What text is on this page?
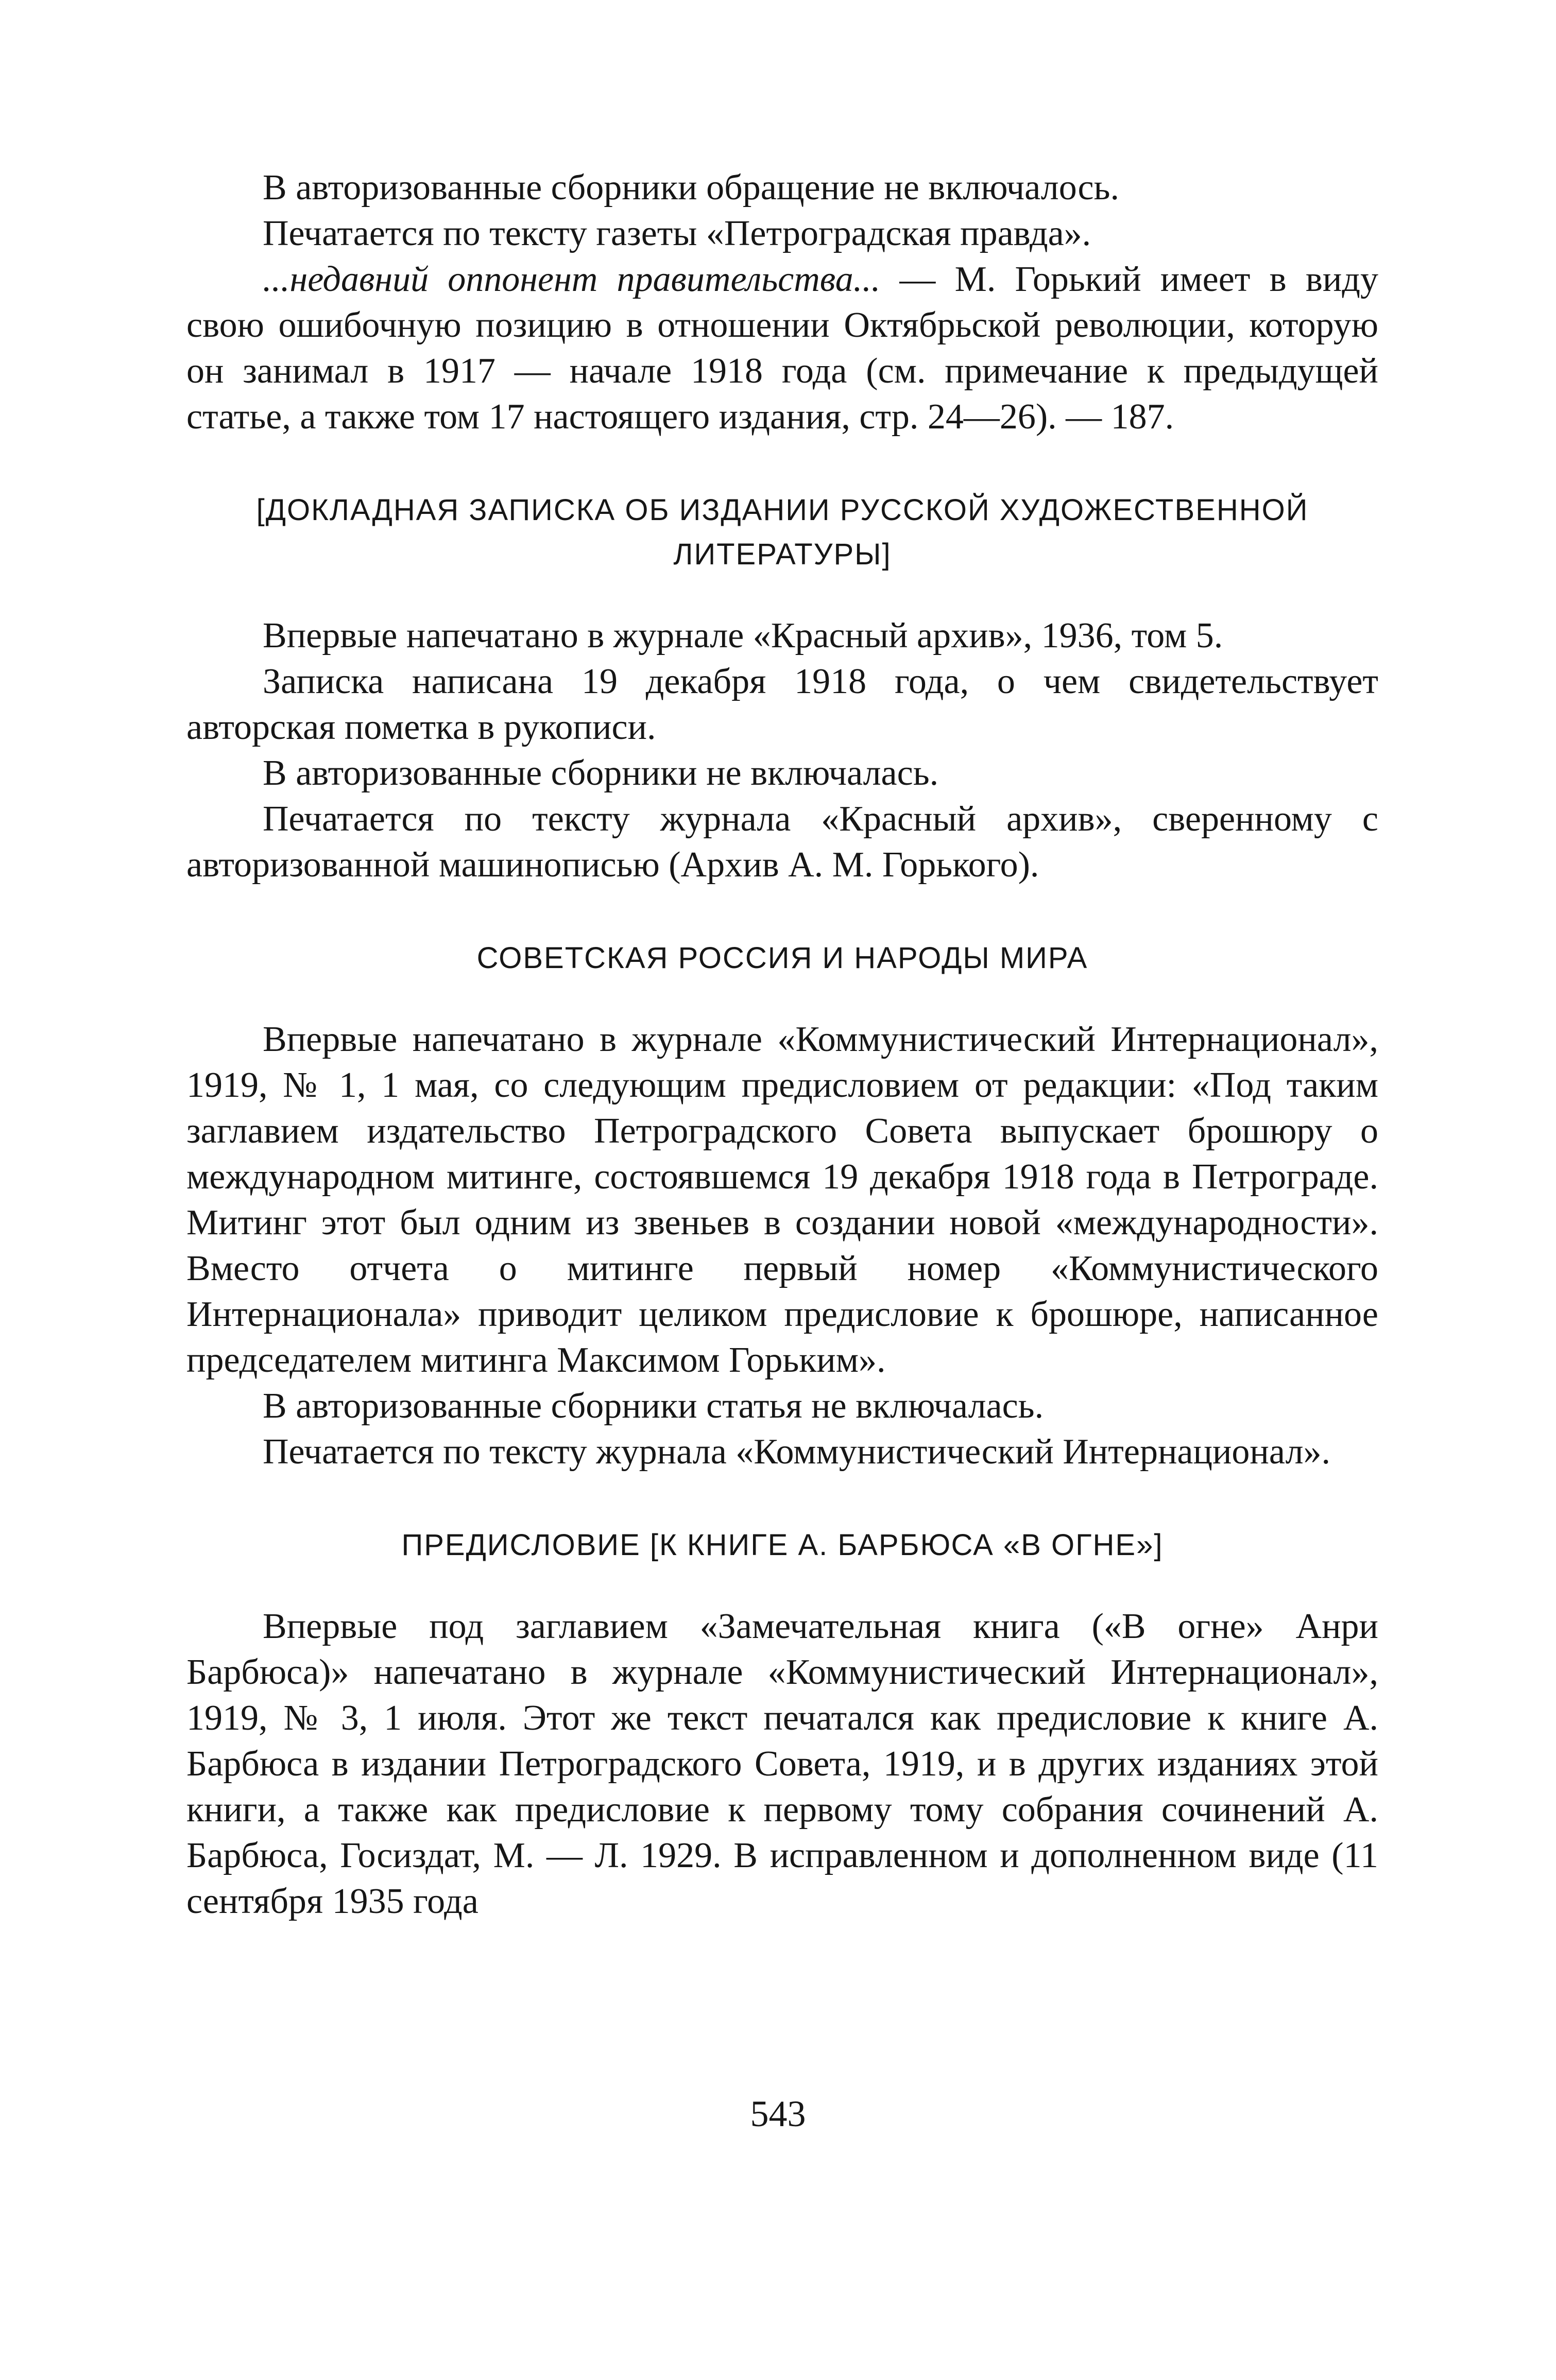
В авторизованные сборники обращение не включалось.

Печатается по тексту газеты «Петроградская правда».

...недавний оппонент правительства... — М. Горький имеет в виду свою ошибочную позицию в отношении Октябрьской революции, которую он занимал в 1917 — начале 1918 года (см. примечание к предыдущей статье, а также том 17 настоящего издания, стр. 24—26). — 187.

[ДОКЛАДНАЯ ЗАПИСКА ОБ ИЗДАНИИ РУССКОЙ ХУДОЖЕСТВЕННОЙ ЛИТЕРАТУРЫ]

Впервые напечатано в журнале «Красный архив», 1936, том 5.

Записка написана 19 декабря 1918 года, о чем свидетельствует авторская пометка в рукописи.

В авторизованные сборники не включалась.

Печатается по тексту журнала «Красный архив», сверенному с авторизованной машинописью (Архив А. М. Горького).

СОВЕТСКАЯ РОССИЯ И НАРОДЫ МИРА

Впервые напечатано в журнале «Коммунистический Интернационал», 1919, № 1, 1 мая, со следующим предисловием от редакции: «Под таким заглавием издательство Петроградского Совета выпускает брошюру о международном митинге, состоявшемся 19 декабря 1918 года в Петрограде. Митинг этот был одним из звеньев в создании новой «международности». Вместо отчета о митинге первый номер «Коммунистического Интернационала» приводит целиком предисловие к брошюре, написанное председателем митинга Максимом Горьким».

В авторизованные сборники статья не включалась.

Печатается по тексту журнала «Коммунистический Интернационал».

ПРЕДИСЛОВИЕ [К КНИГЕ А. БАРБЮСА «В ОГНЕ»]

Впервые под заглавием «Замечательная книга («В огне» Анри Барбюса)» напечатано в журнале «Коммунистический Интернационал», 1919, № 3, 1 июля. Этот же текст печатался как предисловие к книге А. Барбюса в издании Петроградского Совета, 1919, и в других изданиях этой книги, а также как предисловие к первому тому собрания сочинений А. Барбюса, Госиздат, М. — Л. 1929. В исправленном и дополненном виде (11 сентября 1935 года

543
